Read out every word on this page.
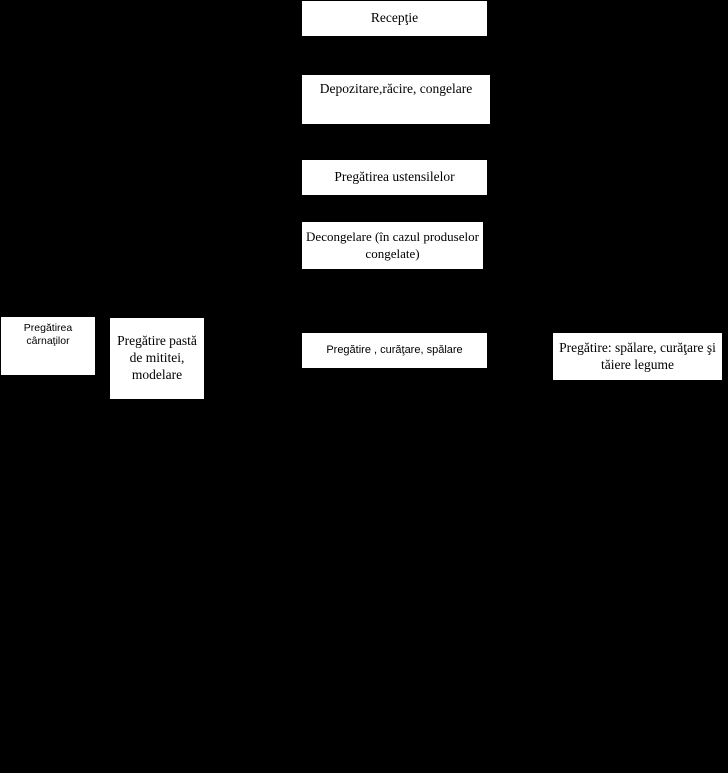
Recepţie
Depozitare,răcire, congelare
Pregătirea ustensilelor
Decongelare (în cazul produselor congelate)
Pregătire , curăţare, spălare
Pregătirea cârnaţilor	Pregătire pastă de mititei, modelare
Pregătire: spălare, curăţare şi tăiere legume
